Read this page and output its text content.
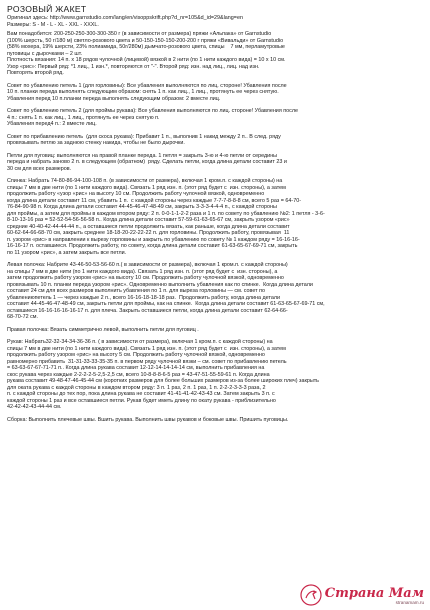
РОЗОВЫЙ ЖАКЕТ

Оригинал здесь: http://www.garnstudio.com/lang/en/visoppskrift.php?d_nr=105&d_id=29&lang=en

Размеры: S - M - L - XL - XXL - XXXL.

Вам понадобится: 200-250-250-300-300-350 г (в зависимости от размера) пряжи «Альпака» от Garnstudio

(100% шерсть, 50 г/180 м) светло-розового цвета и 50-150-150-150-200-200 г пряжи «Вивальди» от Garnstudio

(58% мохера, 19% шерсти, 23% полиамида, 50г/280м) дымчато-розового цвета, спицы    7 мм, перламутровые

пуговицы с дырочками – 2 шт.

Плотность вязания: 14 п. х 18 рядов чулочной (лицевой) вязкой в 2 нити (по 1 нити каждого вида) = 10 х 10 см.

Узор «рис»: Первый ряд: *1 лиц., 1 изн.*, повторяются от "-". Второй ряд: изн. над лиц., лиц. над изн.

Повторять второй ряд.

Совет по убавлению петель 1 (для горловины): Все убавления выполняются по лиц. стороне! Убавления после

10 п. планки переда выполнять следующим образом: снять 1 п. как лиц., 1 лиц., протянуть ее через снятую.

Убавления перед 10 п.планки переда выполнять следующим образом: 2 вместе лиц.

Совет по убавлению петель 2 (для проймы рукава): Все убавления выполняются по лиц. стороне! Убавления после

4 п.: снять 1 п. как лиц., 1 лиц., протянуть ее через снятую п.

Убавления перед4 п.: 2 вместе лиц.

Совет по прибавлению петель  (для скоса рукава): Прибавит 1 п., выполнив 1 накид между 2 п.. В след. ряду

провязывать петлю за заднюю стенку накида, чтобы не было дырочки.

Петли для пуговиц: выполняются на правой планке переда. 1 петля = закрыть 3-ю и 4-ю петли от середины

переда и набрать заново 2 п. в следующем (обратном)  ряду. Сделать петли, когда длина детали составит 23 и

30 см для всех размеров.

Спинка: Набрать 74-80-86-94-100-108 п. (в зависимости от размера), включая 1 кром.п. с каждой стороны) на

спицы 7 мм в две нити (по 1 нити каждого вида). Связать 1 ряд изн. п. (этот ряд будет с  изн. стороны), а затем

продолжить работу «узор «рис» на высоту 10 см. Продолжить работу чулочной вязкой, одновременно

когда длина детали составит 11 см, убавить 1 п.  с каждой стороны через каждые 7-7-7-8-8-8 см, всего 5 раз = 64-70-

76-84-90-98 п. Когда длина детали составит 44-45-46-47-48-49 см, закрыть 3-3-3-4-4-4 п., с каждой стороны

для проймы, а затем для проймы в каждом втором ряду: 2 п. 0-0-1-1-2-2 раза и 1 п. по совету по убавлению №2: 1 петля - 3-6-

8-10-13-16 раз = 52-52-54-56-56-58 п.. Когда длина детали составит 57-59-61-63-65-67 см, закрыть узором «рис»

средние 40-40-42-44-44-44 п., а оставшиеся петли продолжить вязать, как раньше, когда длина детали составит

60-62-64-66-68-70 см, закрыть среднее 18-18-20-22-22-22 п. для горловины. Продолжить работу, провязывая  11

п. узором «рис» в направлении к вырезу горловины и закрыть по убавлению по совету № 1 каждом ряду = 16-16-16-

16-16-17 п. оставшиеся. Продолжить работу, по совету, когда длина детали составит 61-63-65-67-69-71 см, закрыть

по 11 узором «рис», а затем закрыть все петли.

Левая полочка: Набрите 43-46-50-53-56-60 п.( в зависимости от размера), включая 1 кром.п. с каждой стороны)

на спицы 7 мм в две нити (по 1 нити каждого вида). Связать 1 ряд изн. п. (этот ряд будет с  изн. стороны), а

затем продолжить работу узором «рис» на высоту 10 см. Продолжить работу чулочной вязкой, одновременно

провязывать 10 п. планки переда узором «рис». Одновременно выполнить убавления как по спинке.  Когда длина детали

составит 24 см для всех размеров выполнить убавления по 1 п. для выреза горловины — см. совет по

убавлениюпетель 1 — через каждые 2 п., всего 16-16-18-18-18 раз.  Продолжить работу, когда длина детали

составит 44-45-46-47-48-49 см, закрыть петли для проймы, как на спинке.  Когда длина детали составит 61-63-65-67-69-71 см,

оставшиеся 16-16-16-16-16-17 п. для плеча. Закрыть оставшиеся петли, когда длина детали составит 62-64-66-

68-70-72 см.

Правая полочка: Вязать симметрично левой, выполнить петли для пуговиц .

Рукав: Набрать32-32-34-34-36-36 п. ( в зависимости от размера), включая 1 кром.п. с каждой стороны) на

спицы 7 мм в две нити (по 1 нити каждого вида). Связать 1 ряд изн. п. (этот ряд будет с  изн. стороны), а затем

продолжить работу узором «рис» на высоту 5 см. Продолжить работу чулочной вязкой, одновременно

равномерно прибавить  31-31-33-33-35-35 п. в первом ряду чулочной вязки – см. совет по прибавлению петель

= 63-63-67-67-71-71 п.. Когда длина рукава составит 12-12-14-14-14-14 см, выполнить прибавления на

скос рукава через каждые 2-2-2-2-5-2,5-2,5 см, всего 10-8-8-8-6-5 раз = 43-47-51-55-59-61 п. Когда длина

рукава составит 49-48-47-46-45-44 см (коротких размеров для более больших размеров из-за более широких плеч) закрыть

для оката рукава с каждой стороны в каждом втором ряду: 3 п. 1 раз, 2 п. 1 раз, 1 п. 2-2-2-3-3-3 раза, 2

п. с каждой стороны до тех пор, пока длина рукава не составит 41-41-41-42-43-43 см. Затем закрыть 3 п. с

каждой стороны 1 раз и все оставшиеся петли. Рукав будет иметь длину по окату рукава - приблизительно

42-42-42-43-44-44 см.

Сборка: Выполнить плечевые швы. Вшить рукава. Выполнить швы рукавов и боковые швы. Пришить пуговицы.

Страна Мам
stranamam.ru
